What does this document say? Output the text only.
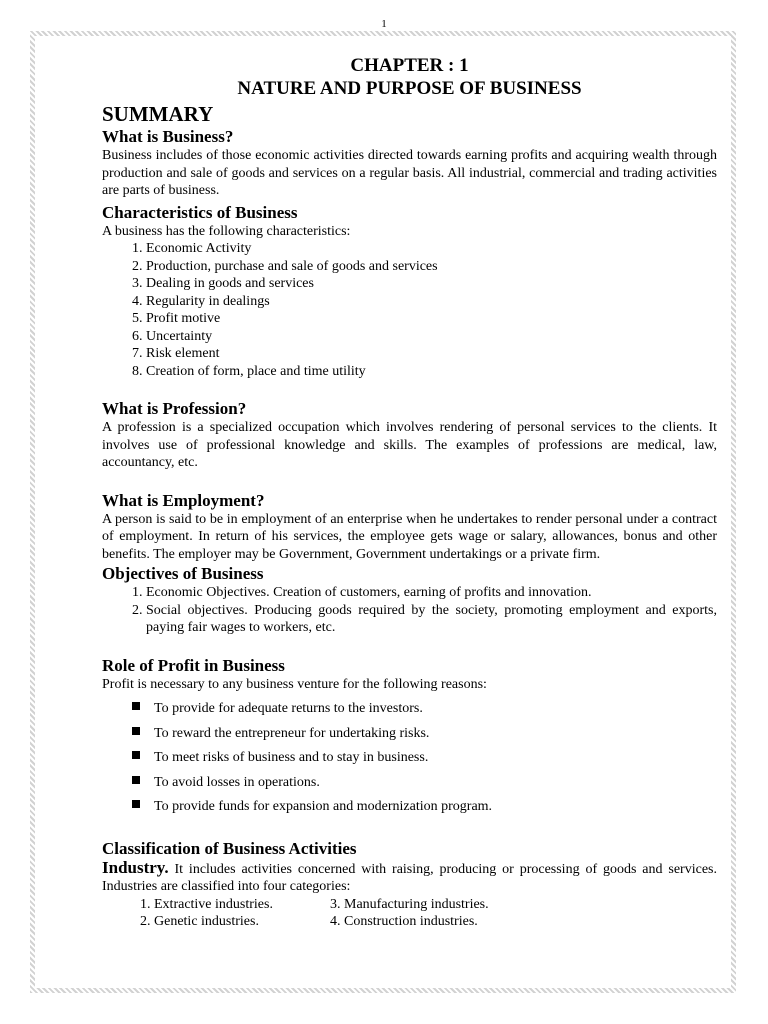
1

CHAPTER : 1

NATURE AND PURPOSE OF BUSINESS

SUMMARY
What is Business?

Business includes of those economic activities directed towards earning profits and acquiring wealth through production and sale of goods and services on a regular basis. All industrial, commercial and trading activities are parts of business.

Characteristics of Business

A business has the following characteristics:

1. Economic Activity
2. Production, purchase and sale of goods and services
3. Dealing in goods and services
4. Regularity in dealings
5. Profit motive
6. Uncertainty
7. Risk element
8. Creation of form, place and time utility
What is Profession?

A profession is a specialized occupation which involves rendering of personal services to the clients. It involves use of professional knowledge and skills. The examples of professions are medical, law, accountancy, etc.

What is Employment?

A person is said to be in employment of an enterprise when he undertakes to render personal under a contract of employment. In return of his services, the employee gets wage or salary, allowances, bonus and other benefits. The employer may be Government, Government undertakings or a private firm.

Objectives of Business
1. Economic Objectives. Creation of customers, earning of profits and innovation.
2. Social objectives. Producing goods required by the society, promoting employment and exports, paying fair wages to workers, etc.
Role of Profit in Business

Profit is necessary to any business venture for the following reasons:

To provide for adequate returns to the investors.
To reward the entrepreneur for undertaking risks.
To meet risks of business and to stay in business.
To avoid losses in operations.
To provide funds for expansion and modernization program.
Classification of Business Activities

Industry. It includes activities concerned with raising, producing or processing of goods and services. Industries are classified into four categories:

1. Extractive industries.	3. Manufacturing industries.
2. Genetic industries.	4. Construction industries.
